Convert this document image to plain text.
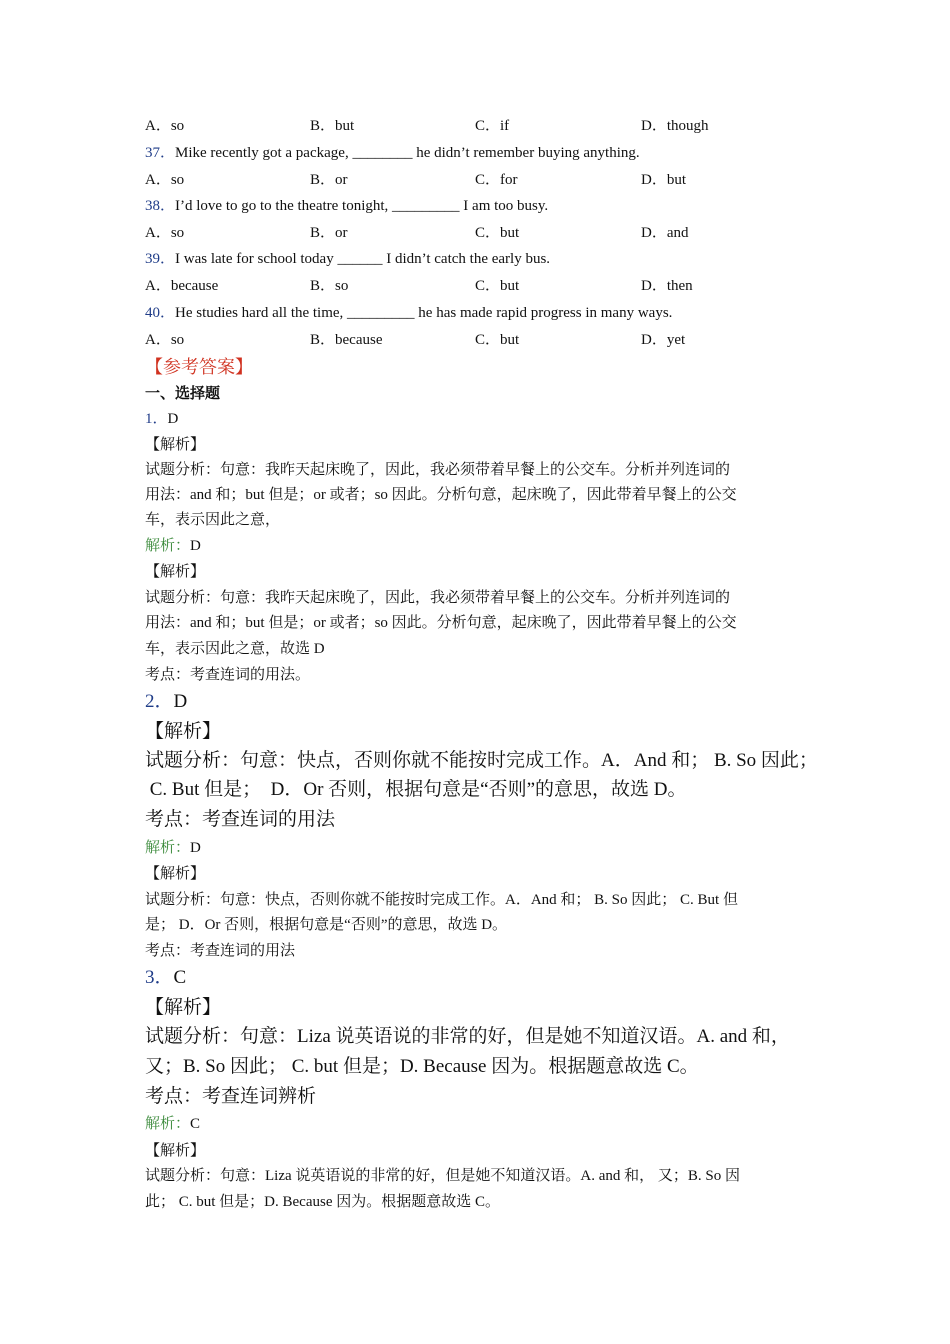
A．so	B．but	C．if	D．though
37．Mike recently got a package, ________ he didn’t remember buying anything.
A．so	B．or	C．for	D．but
38．I’d love to go to the theatre tonight, _________ I am too busy.
A．so	B．or	C．but	D．and
39．I was late for school today ______ I didn’t catch the early bus.
A．because	B．so	C．but	D．then
40．He studies hard all the time, _________ he has made rapid progress in many ways.
A．so	B．because	C．but	D．yet
【参考答案】
一、选择题
1．D
【解析】
试题分析：句意：我昨天起床晚了，因此，我必须带着早餐上的公交车。分析并列连词的
用法：and 和；but 但是；or 或者；so 因此。分析句意，起床晚了，因此带着早餐上的公交
车，表示因此之意，
解析：D
【解析】
试题分析：句意：我昨天起床晚了，因此，我必须带着早餐上的公交车。分析并列连词的
用法：and 和；but 但是；or 或者；so 因此。分析句意，起床晚了，因此带着早餐上的公交
车，表示因此之意，故选 D
考点：考查连词的用法。
2．D
【解析】
试题分析：句意：快点，否则你就不能按时完成工作。A．And 和； B. So 因此；
C. But 但是；  D．Or 否则，根据句意是“否则”的意思，故选 D。
考点：考查连词的用法
解析：D
【解析】
试题分析：句意：快点，否则你就不能按时完成工作。A．And 和； B. So 因此； C. But 但
是； D．Or 否则，根据句意是“否则”的意思，故选 D。
考点：考查连词的用法
3．C
【解析】
试题分析：句意：Liza 说英语说的非常的好，但是她不知道汉语。A. and 和，
又；B. So 因此； C. but 但是；D. Because 因为。根据题意故选 C。
考点：考查连词辨析
解析：C
【解析】
试题分析：句意：Liza 说英语说的非常的好，但是她不知道汉语。A. and 和， 又；B. So 因
此； C. but 但是；D. Because 因为。根据题意故选 C。
